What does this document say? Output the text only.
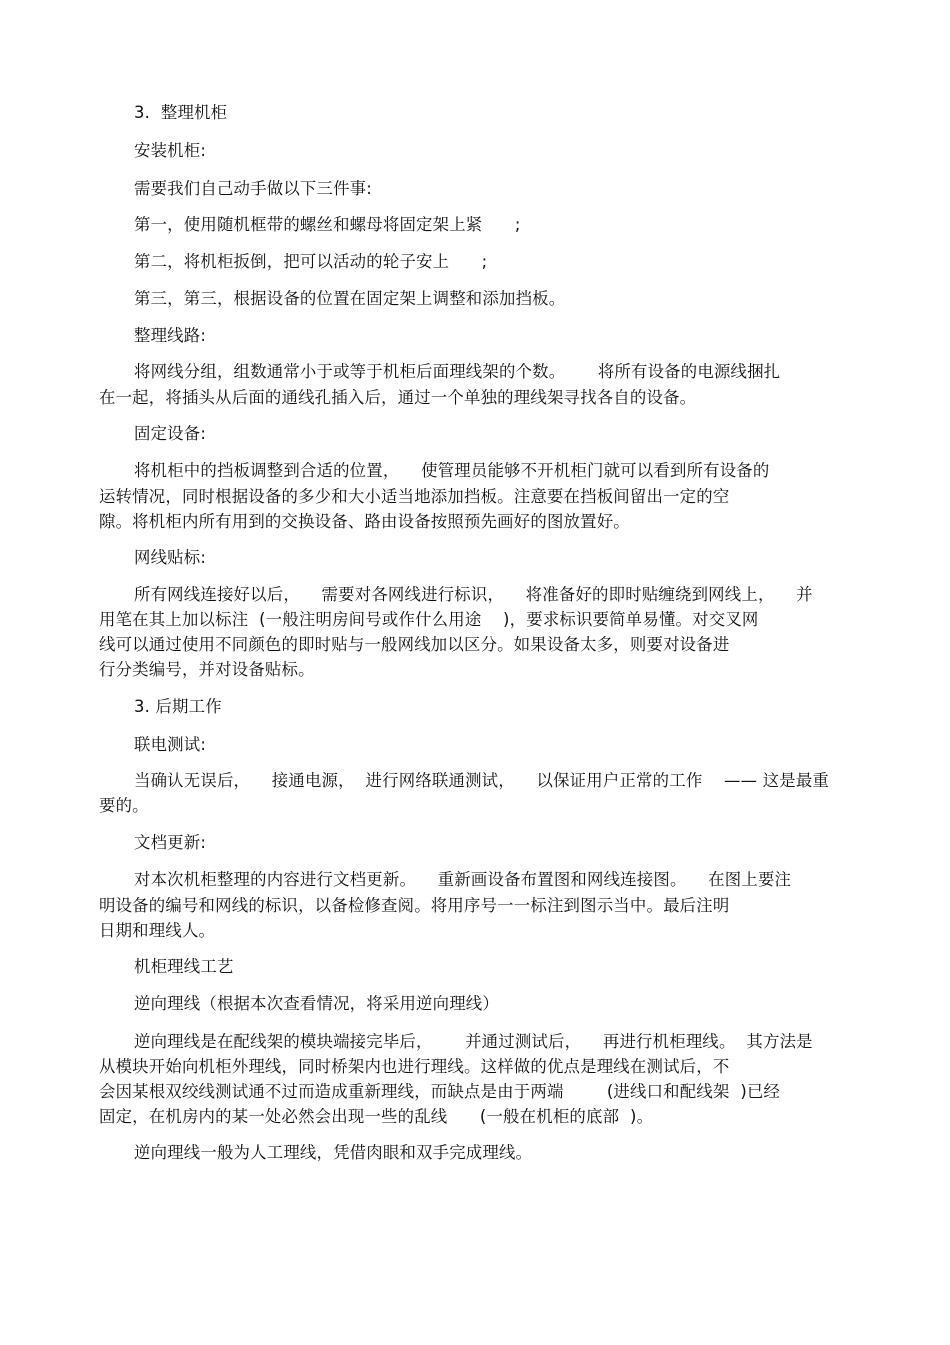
3.  整理机柜
安装机柜:
需要我们自己动手做以下三件事:
第一，使用随机框带的螺丝和螺母将固定架上紧      ;
第二，将机柜扳倒，把可以活动的轮子安上      ;
第三，第三，根据设备的位置在固定架上调整和添加挡板。
整理线路:
将网线分组，组数通常小于或等于机柜后面理线架的个数。      将所有设备的电源线捆扎
在一起，将插头从后面的通线孔插入后，通过一个单独的理线架寻找各自的设备。
固定设备:
将机柜中的挡板调整到合适的位置，    使管理员能够不开机柜门就可以看到所有设备的
运转情况，同时根据设备的多少和大小适当地添加挡板。注意要在挡板间留出一定的空
隙。将机柜内所有用到的交换设备、路由设备按照预先画好的图放置好。
网线贴标:
所有网线连接好以后，    需要对各网线进行标识，    将准备好的即时贴缠绕到网线上，    并
用笔在其上加以标注  (一般注明房间号或作什么用途    )，要求标识要简单易懂。对交叉网
线可以通过使用不同颜色的即时贴与一般网线加以区分。如果设备太多，则要对设备进
行分类编号，并对设备贴标。
3. 后期工作
联电测试:
当确认无误后，    接通电源，  进行网络联通测试，    以保证用户正常的工作    —— 这是最重
要的。
文档更新:
对本次机柜整理的内容进行文档更新。    重新画设备布置图和网线连接图。    在图上要注
明设备的编号和网线的标识，以备检修查阅。将用序号一一标注到图示当中。最后注明
日期和理线人。
机柜理线工艺
逆向理线（根据本次查看情况，将采用逆向理线）
逆向理线是在配线架的模块端接完毕后，      并通过测试后，    再进行机柜理线。  其方法是
从模块开始向机柜外理线，同时桥架内也进行理线。这样做的优点是理线在测试后，不
会因某根双绞线测试通不过而造成重新理线，而缺点是由于两端        (进线口和配线架  )已经
固定，在机房内的某一处必然会出现一些的乱线      (一般在机柜的底部  )。
逆向理线一般为人工理线，凭借肉眼和双手完成理线。
